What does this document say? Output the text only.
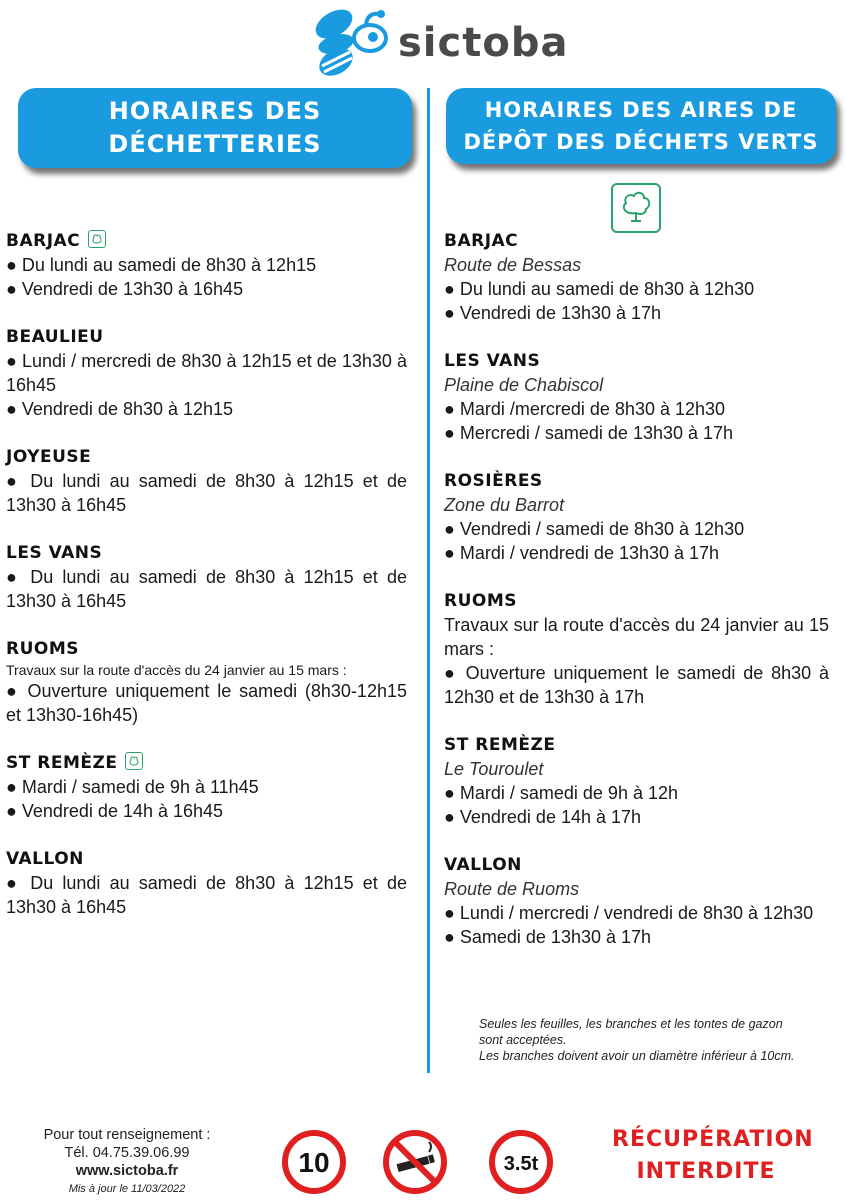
sictoba
HORAIRES DES
DÉCHETTERIES
HORAIRES DES AIRES DE
DÉPÔT DES DÉCHETS VERTS
BARJAC
● Du lundi au samedi de 8h30 à 12h15
● Vendredi de 13h30 à 16h45
BEAULIEU
● Lundi / mercredi de 8h30 à 12h15 et de 13h30 à 16h45
● Vendredi de 8h30 à 12h15
JOYEUSE
● Du lundi au samedi de 8h30 à 12h15 et de 13h30 à 16h45
LES VANS
● Du lundi au samedi de 8h30 à 12h15 et de 13h30 à 16h45
RUOMS
Travaux sur la route d'accès du 24 janvier au 15 mars :
● Ouverture uniquement le samedi (8h30-12h15 et 13h30-16h45)
ST REMÈZE
● Mardi / samedi de 9h à 11h45
● Vendredi de 14h à 16h45
VALLON
● Du lundi au samedi de 8h30 à 12h15 et de 13h30 à 16h45
BARJAC
Route de Bessas
● Du lundi au samedi de 8h30 à 12h30
● Vendredi de 13h30 à 17h
LES VANS
Plaine de Chabiscol
● Mardi /mercredi de 8h30 à 12h30
● Mercredi / samedi de 13h30 à 17h
ROSIÈRES
Zone du Barrot
● Vendredi / samedi de 8h30 à 12h30
● Mardi / vendredi de 13h30 à 17h
RUOMS
Travaux sur la route d'accès du 24 janvier au 15 mars :
● Ouverture uniquement le samedi de 8h30 à 12h30 et de 13h30 à 17h
ST REMÈZE
Le Touroulet
● Mardi / samedi de 9h à 12h
● Vendredi de 14h à 17h
VALLON
Route de Ruoms
● Lundi / mercredi / vendredi de 8h30 à 12h30
● Samedi de 13h30 à 17h
Seules les feuilles, les branches et les tontes de gazon sont acceptées.
Les branches doivent avoir un diamètre inférieur à 10cm.
Pour tout renseignement :
Tél. 04.75.39.06.99
www.sictoba.fr
Mis à jour le 11/03/2022
10	3.5t
RÉCUPÉRATION
INTERDITE
